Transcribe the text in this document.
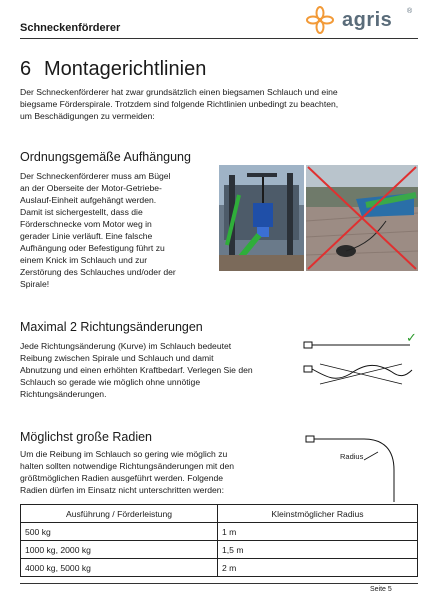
Schneckenförderer	agris ®
6 Montagerichtlinien
Der Schneckenförderer hat zwar grundsätzlich einen biegsamen Schlauch und eine
biegsame Förderspirale. Trotzdem sind folgende Richtlinien unbedingt zu beachten,
um Beschädigungen zu vermeiden:
Ordnungsgemäße Aufhängung
Der Schneckenförderer muss am Bügel
an der Oberseite der Motor-Getriebe-
Auslauf-Einheit aufgehängt werden.
Damit ist sichergestellt, dass die
Förderschnecke vom Motor weg in
gerader Linie verläuft. Eine falsche
Aufhängung oder Befestigung führt zu
einem Knick im Schlauch und zur
Zerstörung des Schlauches und/oder der
Spirale!
Maximal 2 Richtungsänderungen
Jede Richtungsänderung (Kurve) im Schlauch bedeutet
Reibung zwischen Spirale und Schlauch und damit
Abnutzung und einen erhöhten Kraftbedarf. Verlegen Sie den
Schlauch so gerade wie möglich ohne unnötige
Richtungsänderungen.
✓
Möglichst große Radien
Um die Reibung im Schlauch so gering wie möglich zu
halten sollten notwendige Richtungsänderungen mit den
größtmöglichen Radien ausgeführt werden. Folgende
Radien dürfen im Einsatz nicht unterschritten werden:
Radius
Ausführung / Förderleistung	Kleinstmöglicher Radius
500 kg	1 m
1000 kg, 2000 kg	1,5 m
4000 kg, 5000 kg	2 m
Seite 5
